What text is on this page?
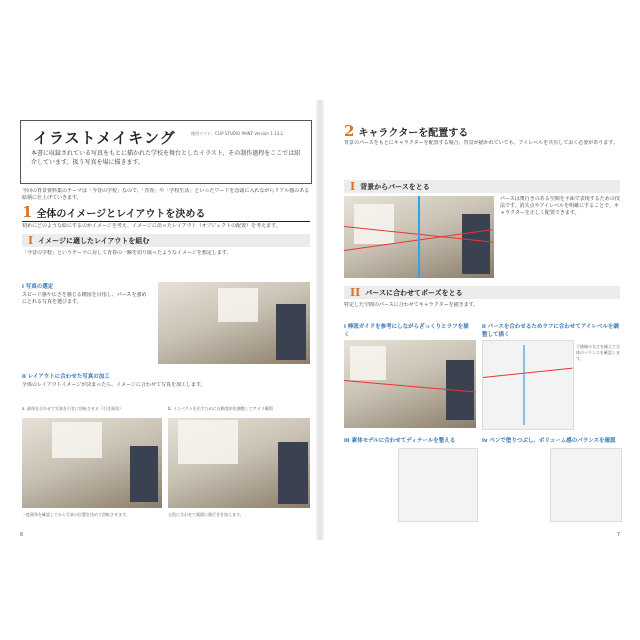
イラストメイキング	使用ソフト：CLIP STUDIO PAINT Version 1.13.2
本書に収録されている写真をもとに描かれた学校を舞台としたイラスト、その制作過程をここでは紹介しています。扱う写真を場に描きます。
今回の背景資料集のテーマは「今昔の学校」なので、「青春」や「学校生活」といったワードを念頭に入れながらリアル感のある絵柄に仕上げていきます。
1 全体のイメージとレイアウトを決める
初めにどのような絵にするのかイメージを考え、イメージに沿ったレイアウト（オブジェクトの配置）を考えます。
I イメージに適したレイアウトを組む
「今昔の学校」というテーマに対して青春の一瞬を切り取ったようなイメージを想定します。
i 写真の選定
スピード感や広さを感じる構図を目指し、パースを強めにとれる写真を選びます。
ii レイアウトに合わせた写真の加工
全体のレイアウトイメージが決まったら、イメージに合わせて写真を加工します。
a. 画角を合わせて写真を引きに回転させる（引き画角）	b. インパクトを出すために自動変形を調整してアオリ構図
一度画角を確認してから写真の位置を決めて回転させます。	主役に合わせて画面に奥行きを加えます。
6
2 キャラクターを配置する
背景のパースをもとにキャラクターを配置する場合、背景が描かれていても、アイレベルを共有しておく必要があります。
I 背景からパースをとる
パースは奥行きのある空間を平面で表現するための技法です。消失点やアイレベルを明確にすることで、キャラクターを正しく配置できます。
II パースに合わせてポーズをとる
特定した空間のパースに合わせてキャラクターを描きます。
i 棒図ガイドを参考にしながらざっくりとラフを描く
ii パースを合わせるためラフに合わせてアイレベルを調整して描く
下描線の太さを揃えて全体のバランスを確認します。
iii 素体モデルに合わせてディテールを整える	iv ペンで塗りつぶし、ボリューム感のバランスを確認
7
